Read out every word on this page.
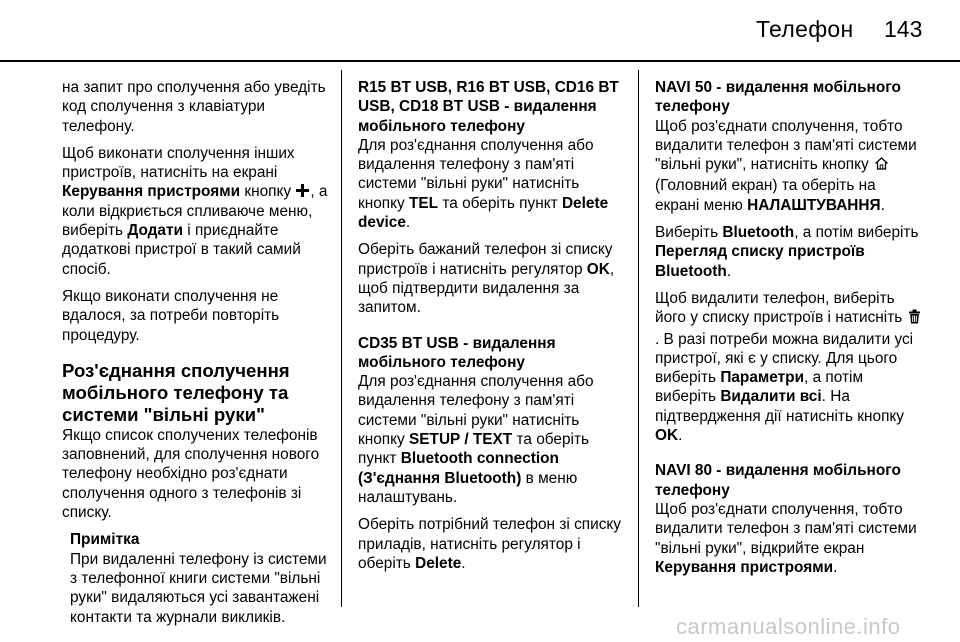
Телефон 143

на запит про сполучення або уведіть код сполучення з клавіатури телефону.

Щоб виконати сполучення інших пристроїв, натисніть на екрані Керування пристроями кнопку , а коли відкриється спливаюче меню, виберіть Додати і приєднайте додаткові пристрої в такий самий спосіб.

Якщо виконати сполучення не вдалося, за потреби повторіть процедуру.

Роз'єднання сполучення мобільного телефону та системи "вільні руки"

Якщо список сполучених телефонів заповнений, для сполучення нового телефону необхідно роз'єднати сполучення одного з телефонів зі списку.

Примітка
При видаленні телефону із системи з телефонної книги системи "вільні руки" видаляються усі завантажені контакти та журнали викликів.
R15 BT USB, R16 BT USB, CD16 BT USB, CD18 BT USB - видалення мобільного телефону

Для роз'єднання сполучення або видалення телефону з пам'яті системи "вільні руки" натисніть кнопку TEL та оберіть пункт Delete device.

Оберіть бажаний телефон зі списку пристроїв і натисніть регулятор OK, щоб підтвердити видалення за запитом.

CD35 BT USB - видалення мобільного телефону

Для роз'єднання сполучення або видалення телефону з пам'яті системи "вільні руки" натисніть кнопку SETUP / TEXT та оберіть пункт Bluetooth connection (З'єднання Bluetooth) в меню налаштувань.

Оберіть потрібний телефон зі списку приладів, натисніть регулятор і оберіть Delete.

NAVI 50 - видалення мобільного телефону

Щоб роз'єднати сполучення, тобто видалити телефон з пам'яті системи "вільні руки", натисніть кнопку  (Головний екран) та оберіть на екрані меню НАЛАШТУВАННЯ.

Виберіть Bluetooth, а потім виберіть Перегляд списку пристроїв Bluetooth.

Щоб видалити телефон, виберіть його у списку пристроїв і натисніть . В разі потреби можна видалити усі пристрої, які є у списку. Для цього виберіть Параметри, а потім виберіть Видалити всі. На підтвердження дії натисніть кнопку OK.

NAVI 80 - видалення мобільного телефону

Щоб роз'єднати сполучення, тобто видалити телефон з пам'яті системи "вільні руки", відкрийте екран Керування пристроями.

carmanualsonline.info
